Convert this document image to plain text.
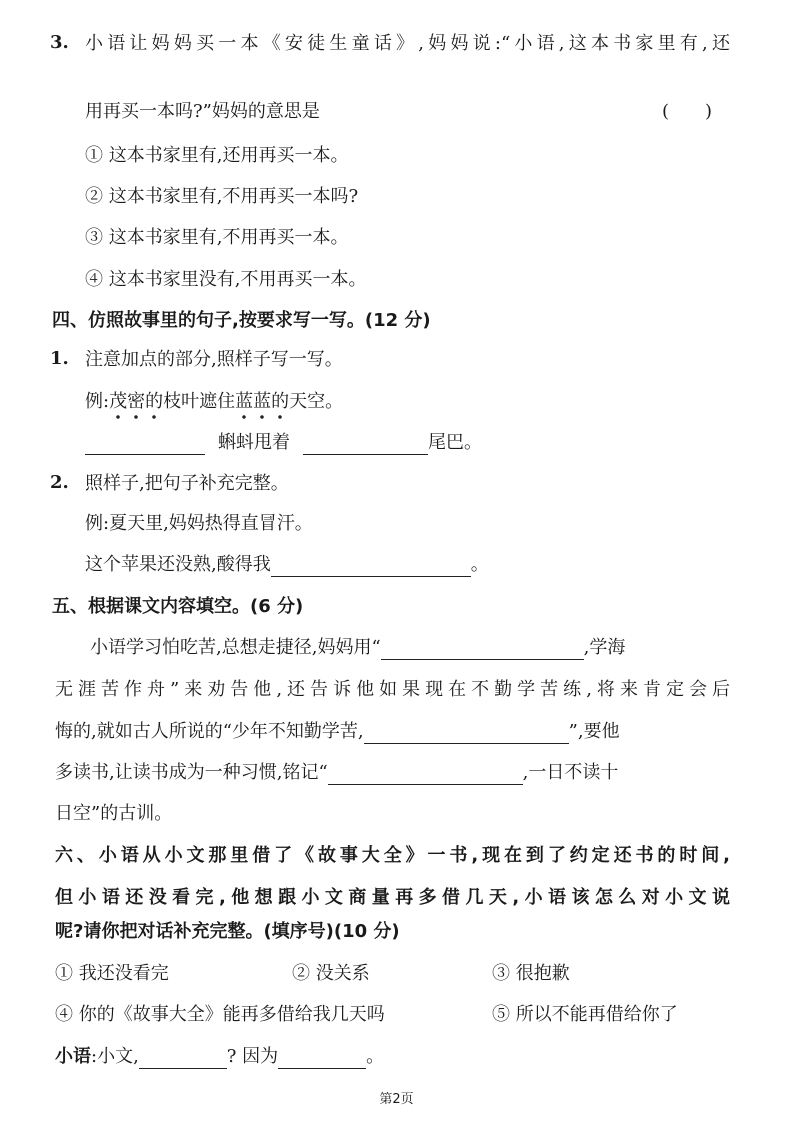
3. 小语让妈妈买一本《安徒生童话》,妈妈说:“小语,这本书家里有,还
用再买一本吗?”妈妈的意思是	(　　)
① 这本书家里有,还用再买一本。
② 这本书家里有,不用再买一本吗?
③ 这本书家里有,不用再买一本。
④ 这本书家里没有,不用再买一本。
四、仿照故事里的句子,按要求写一写。(12 分)
1. 注意加点的部分,照样子写一写。
例:茂密的枝叶遮住蓝蓝的天空。
蝌蚪甩着	尾巴。
2. 照样子,把句子补充完整。
例:夏天里,妈妈热得直冒汗。
这个苹果还没熟,酸得我	。
五、根据课文内容填空。(6 分)
小语学习怕吃苦,总想走捷径,妈妈用“	,学海
无涯苦作舟”来劝告他,还告诉他如果现在不勤学苦练,将来肯定会后
悔的,就如古人所说的“少年不知勤学苦,	”,要他
多读书,让读书成为一种习惯,铭记“	,一日不读十
日空”的古训。
六、小语从小文那里借了《故事大全》一书,现在到了约定还书的时间,
但小语还没看完,他想跟小文商量再多借几天,小语该怎么对小文说
呢?请你把对话补充完整。(填序号)(10 分)
① 我还没看完	② 没关系	③ 很抱歉
④ 你的《故事大全》能再多借给我几天吗	⑤ 所以不能再借给你了
小语:小文,	? 因为	。
第2页
